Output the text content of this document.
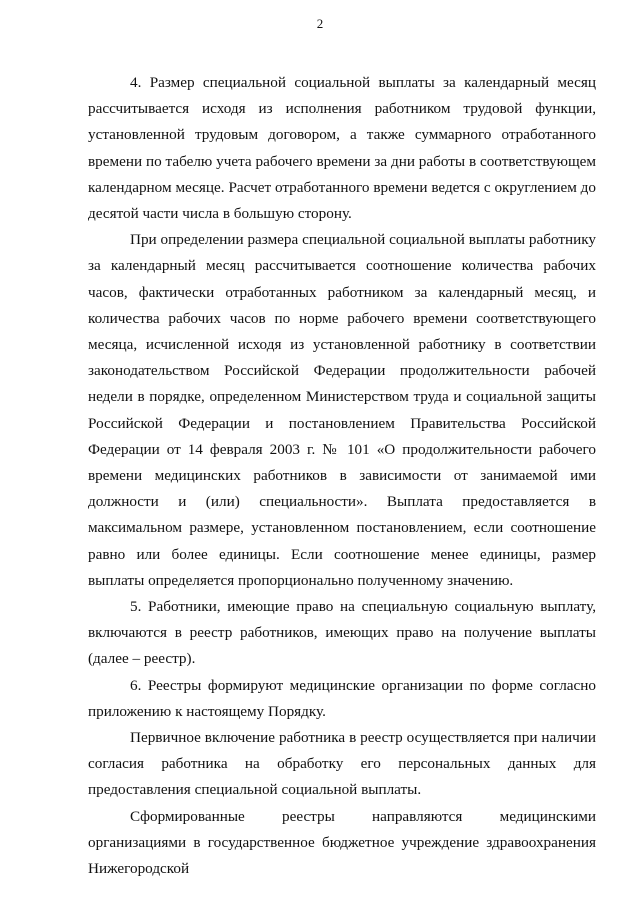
2

4. Размер специальной социальной выплаты за календарный месяц рассчитывается исходя из исполнения работником трудовой функции, установленной трудовым договором, а также суммарного отработанного времени по табелю учета рабочего времени за дни работы в соответствующем календарном месяце. Расчет отработанного времени ведется с округлением до десятой части числа в большую сторону.

При определении размера специальной социальной выплаты работнику за календарный месяц рассчитывается соотношение количества рабочих часов, фактически отработанных работником за календарный месяц, и количества рабочих часов по норме рабочего времени соответствующего месяца, исчисленной исходя из установленной работнику в соответствии законодательством Российской Федерации продолжительности рабочей недели в порядке, определенном Министерством труда и социальной защиты Российской Федерации и постановлением Правительства Российской Федерации от 14 февраля 2003 г. № 101 «О продолжительности рабочего времени медицинских работников в зависимости от занимаемой ими должности и (или) специальности». Выплата предоставляется в максимальном размере, установленном постановлением, если соотношение равно или более единицы. Если соотношение менее единицы, размер выплаты определяется пропорционально полученному значению.

5. Работники, имеющие право на специальную социальную выплату, включаются в реестр работников, имеющих право на получение выплаты (далее – реестр).

6. Реестры формируют медицинские организации по форме согласно приложению к настоящему Порядку.

Первичное включение работника в реестр осуществляется при наличии согласия работника на обработку его персональных данных для предоставления специальной социальной выплаты.

Сформированные реестры направляются медицинскими организациями в государственное бюджетное учреждение здравоохранения Нижегородской
